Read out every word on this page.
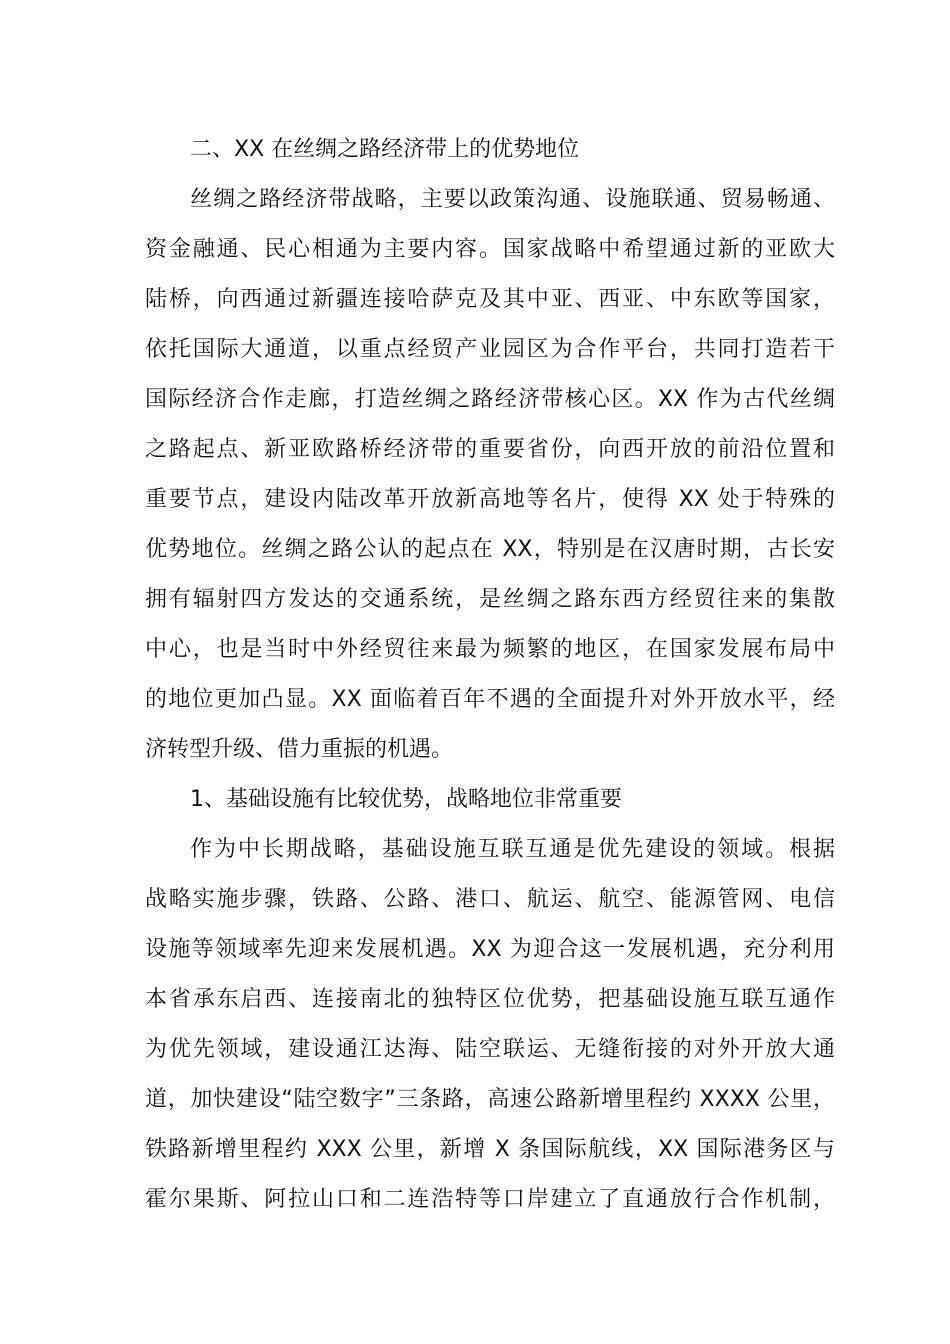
二、XX 在丝绸之路经济带上的优势地位

丝绸之路经济带战略，主要以政策沟通、设施联通、贸易畅通、

资金融通、民心相通为主要内容。国家战略中希望通过新的亚欧大

陆桥，向西通过新疆连接哈萨克及其中亚、西亚、中东欧等国家，

依托国际大通道，以重点经贸产业园区为合作平台，共同打造若干

国际经济合作走廊，打造丝绸之路经济带核心区。XX 作为古代丝绸

之路起点、新亚欧路桥经济带的重要省份，向西开放的前沿位置和

重要节点，建设内陆改革开放新高地等名片，使得 XX 处于特殊的

优势地位。丝绸之路公认的起点在 XX，特别是在汉唐时期，古长安

拥有辐射四方发达的交通系统，是丝绸之路东西方经贸往来的集散

中心，也是当时中外经贸往来最为频繁的地区，在国家发展布局中

的地位更加凸显。XX 面临着百年不遇的全面提升对外开放水平，经

济转型升级、借力重振的机遇。

1、基础设施有比较优势，战略地位非常重要

作为中长期战略，基础设施互联互通是优先建设的领域。根据

战略实施步骤，铁路、公路、港口、航运、航空、能源管网、电信

设施等领域率先迎来发展机遇。XX 为迎合这一发展机遇，充分利用

本省承东启西、连接南北的独特区位优势，把基础设施互联互通作

为优先领域，建设通江达海、陆空联运、无缝衔接的对外开放大通

道，加快建设“陆空数字”三条路，高速公路新增里程约 XXXX 公里，

铁路新增里程约 XXX 公里，新增 X 条国际航线，XX 国际港务区与

霍尔果斯、阿拉山口和二连浩特等口岸建立了直通放行合作机制，
